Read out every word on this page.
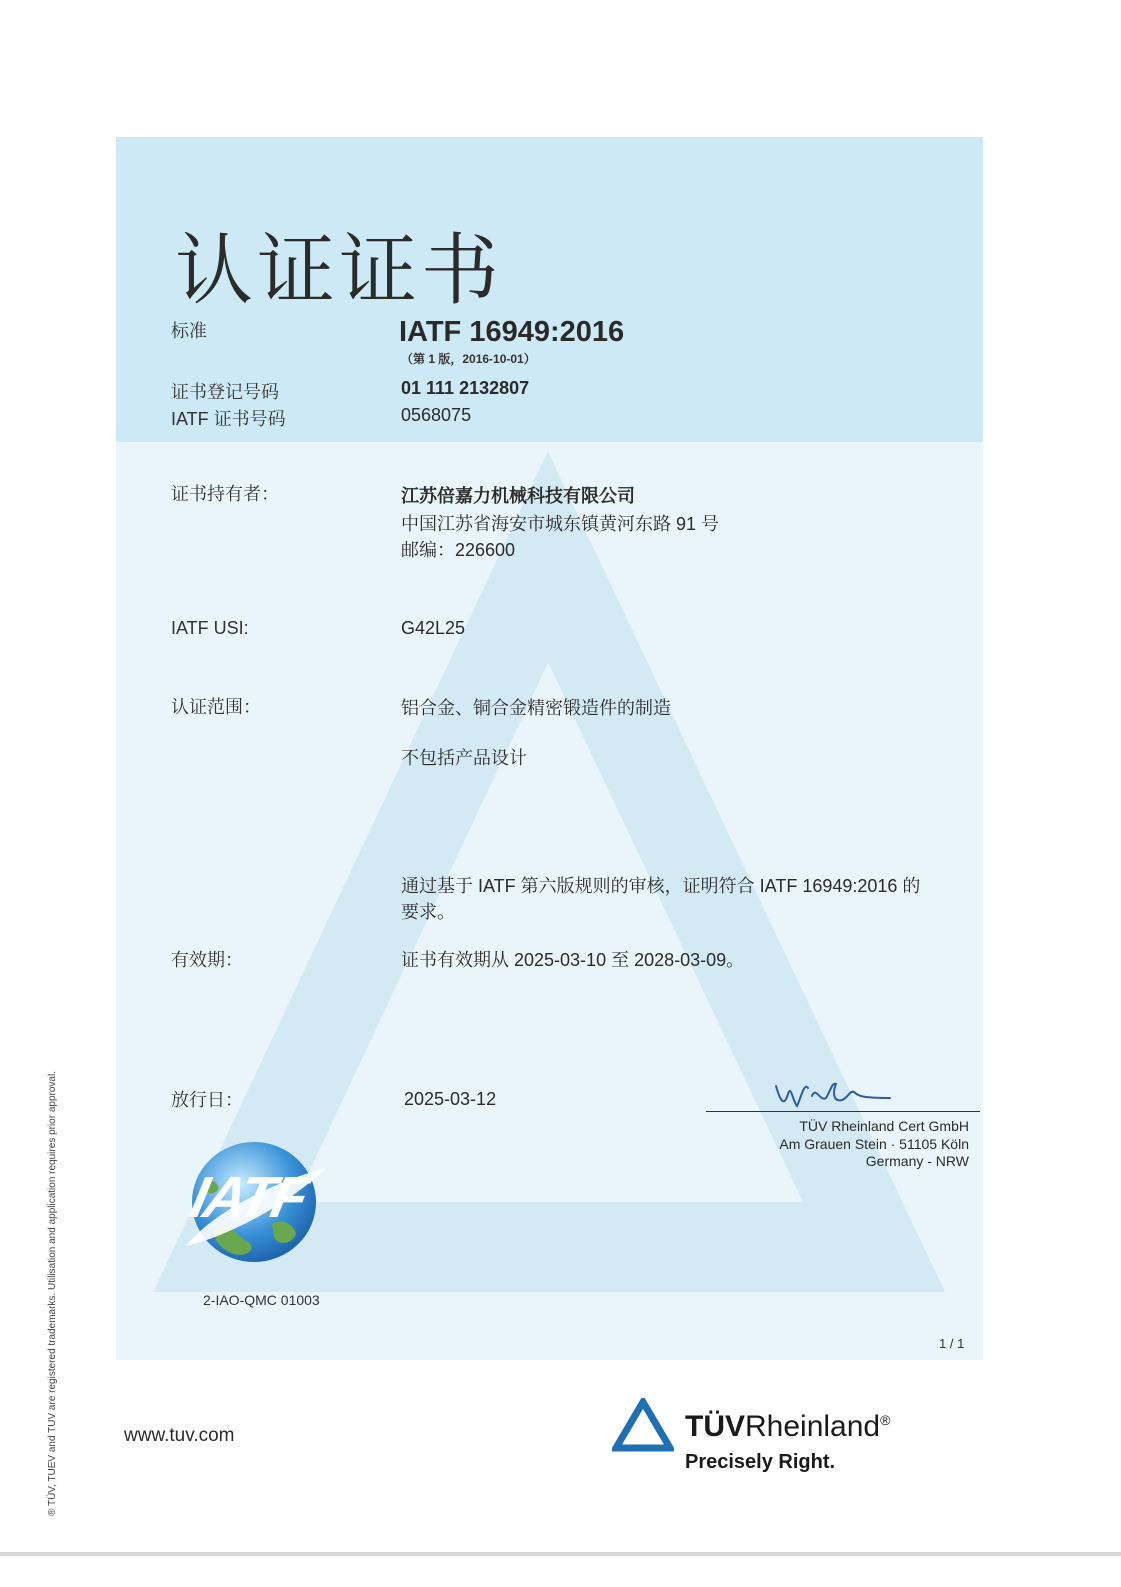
认证证书
标准	IATF 16949:2016
（第 1 版，2016-10-01）
证书登记号码	01 111 2132807
IATF 证书号码	0568075
证书持有者：	江苏倍嘉力机械科技有限公司
中国江苏省海安市城东镇黄河东路 91 号
邮编：226600
IATF USI:	G42L25
认证范围：	铝合金、铜合金精密锻造件的制造
不包括产品设计
通过基于 IATF 第六版规则的审核，证明符合 IATF 16949:2016 的
要求。
有效期：	证书有效期从 2025-03-10 至 2028-03-09。
放行日：	2025-03-12
TÜV Rheinland Cert GmbH
Am Grauen Stein · 51105 Köln
Germany - NRW
IATF
2-IAO-QMC 01003
1 / 1
www.tuv.com	TÜVRheinland®
Precisely Right.
® TÜV, TUEV and TUV are registered trademarks. Utilisation and application requires prior approval.
